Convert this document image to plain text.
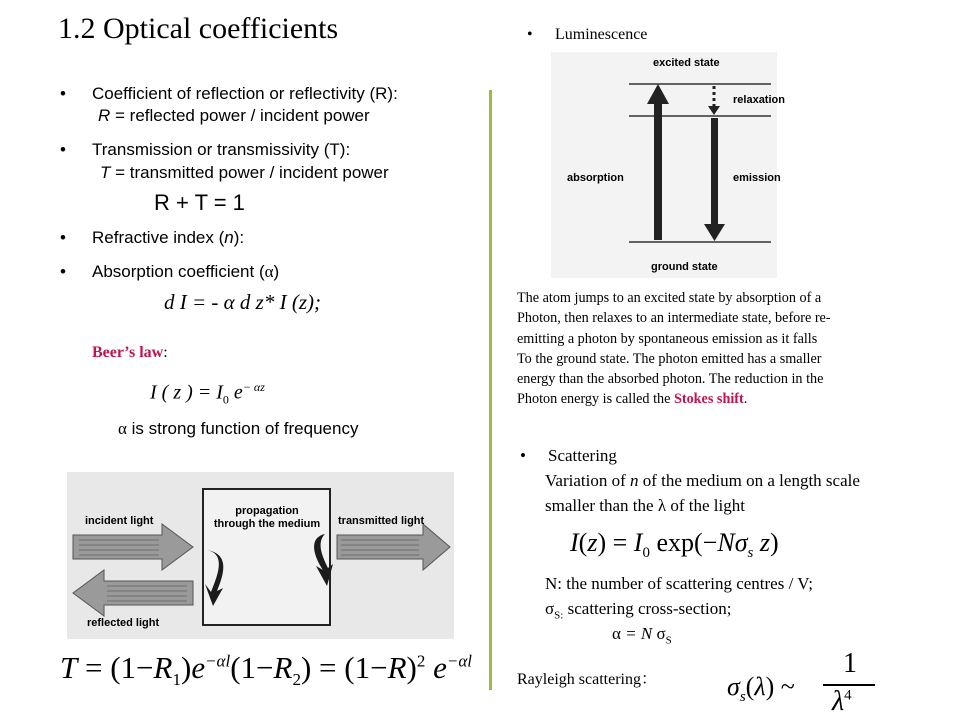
1.2 Optical coefficients
• Coefficient of reflection or reflectivity (R):
R = reflected power / incident power
• Transmission or transmissivity (T):
T = transmitted power / incident power
R + T = 1
• Refractive index (n):
• Absorption coefficient (α)
d I = - α d z* I (z);
Beer’s law:
I ( z ) = $I_0$ $e^{- \alpha z}$
α is strong function of frequency
incident light
propagation through the medium transmitted light
reflected light
$T = (1-R_1)e^{-\alpha l}(1-R_2) = (1-R)^2$ $e^{-\alpha l}$
• Luminescence
excited state
relaxation
absorption	emission
ground state
The atom jumps to an excited state by absorption of a
Photon, then relaxes to an intermediate state, before re-
emitting a photon by spontaneous emission as it falls
To the ground state. The photon emitted has a smaller
energy than the absorbed photon. The reduction in the
Photon energy is called the Stokes shift.
• Scattering
Variation of n of the medium on a length scale
smaller than the λ of the light
$I(z) = I_0$ $\exp(-N\sigma_s$ z)
N: the number of scattering centres / V;
$\sigma_{S:}$ scattering cross-section;
α = N $\sigma_S$
Rayleigh scattering：	$\sigma_s(\lambda)$ ~
1
$\lambda^4$
